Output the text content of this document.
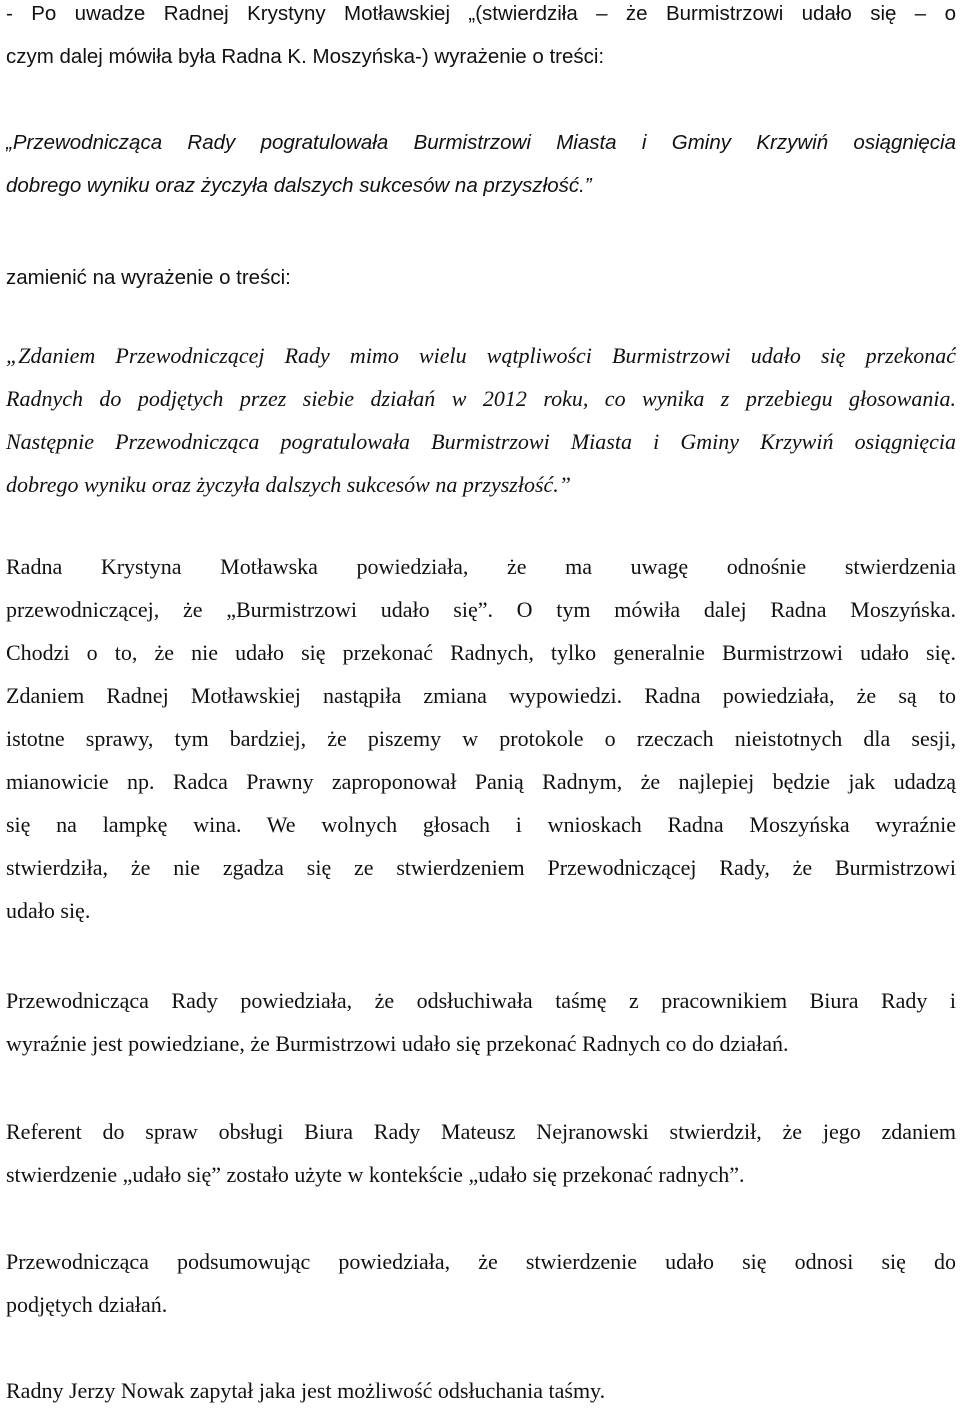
- Po uwadze Radnej Krystyny Motławskiej „(stwierdziła – że Burmistrzowi udało się – o
czym dalej mówiła była Radna K. Moszyńska-) wyrażenie o treści:
„Przewodnicząca Rady pogratulowała Burmistrzowi Miasta i Gminy Krzywiń osiągnięcia
dobrego wyniku oraz życzyła dalszych sukcesów na przyszłość.”
zamienić na wyrażenie o treści:
„Zdaniem Przewodniczącej Rady mimo wielu wątpliwości Burmistrzowi udało się przekonać
Radnych do podjętych przez siebie działań w 2012 roku, co wynika z przebiegu głosowania.
Następnie Przewodnicząca pogratulowała Burmistrzowi Miasta i Gminy Krzywiń osiągnięcia
dobrego wyniku oraz życzyła dalszych sukcesów na przyszłość.”
Radna Krystyna Motławska powiedziała, że ma uwagę odnośnie stwierdzenia
przewodniczącej, że „Burmistrzowi udało się”. O tym mówiła dalej Radna Moszyńska.
Chodzi o to, że nie udało się przekonać Radnych, tylko generalnie Burmistrzowi udało się.
Zdaniem Radnej Motławskiej nastąpiła zmiana wypowiedzi. Radna powiedziała, że są to
istotne sprawy, tym bardziej, że piszemy w protokole o rzeczach nieistotnych dla sesji,
mianowicie np. Radca Prawny zaproponował Panią Radnym, że najlepiej będzie jak udadzą
się na lampkę wina. We wolnych głosach i wnioskach Radna Moszyńska wyraźnie
stwierdziła, że nie zgadza się ze stwierdzeniem Przewodniczącej Rady, że Burmistrzowi
udało się.
Przewodnicząca Rady powiedziała, że odsłuchiwała taśmę z pracownikiem Biura Rady i
wyraźnie jest powiedziane, że Burmistrzowi udało się przekonać Radnych co do działań.
Referent do spraw obsługi Biura Rady Mateusz Nejranowski stwierdził, że jego zdaniem
stwierdzenie „udało się” zostało użyte w kontekście „udało się przekonać radnych”.
Przewodnicząca podsumowując powiedziała, że stwierdzenie udało się odnosi się do
podjętych działań.
Radny Jerzy Nowak zapytał jaka jest możliwość odsłuchania taśmy.
